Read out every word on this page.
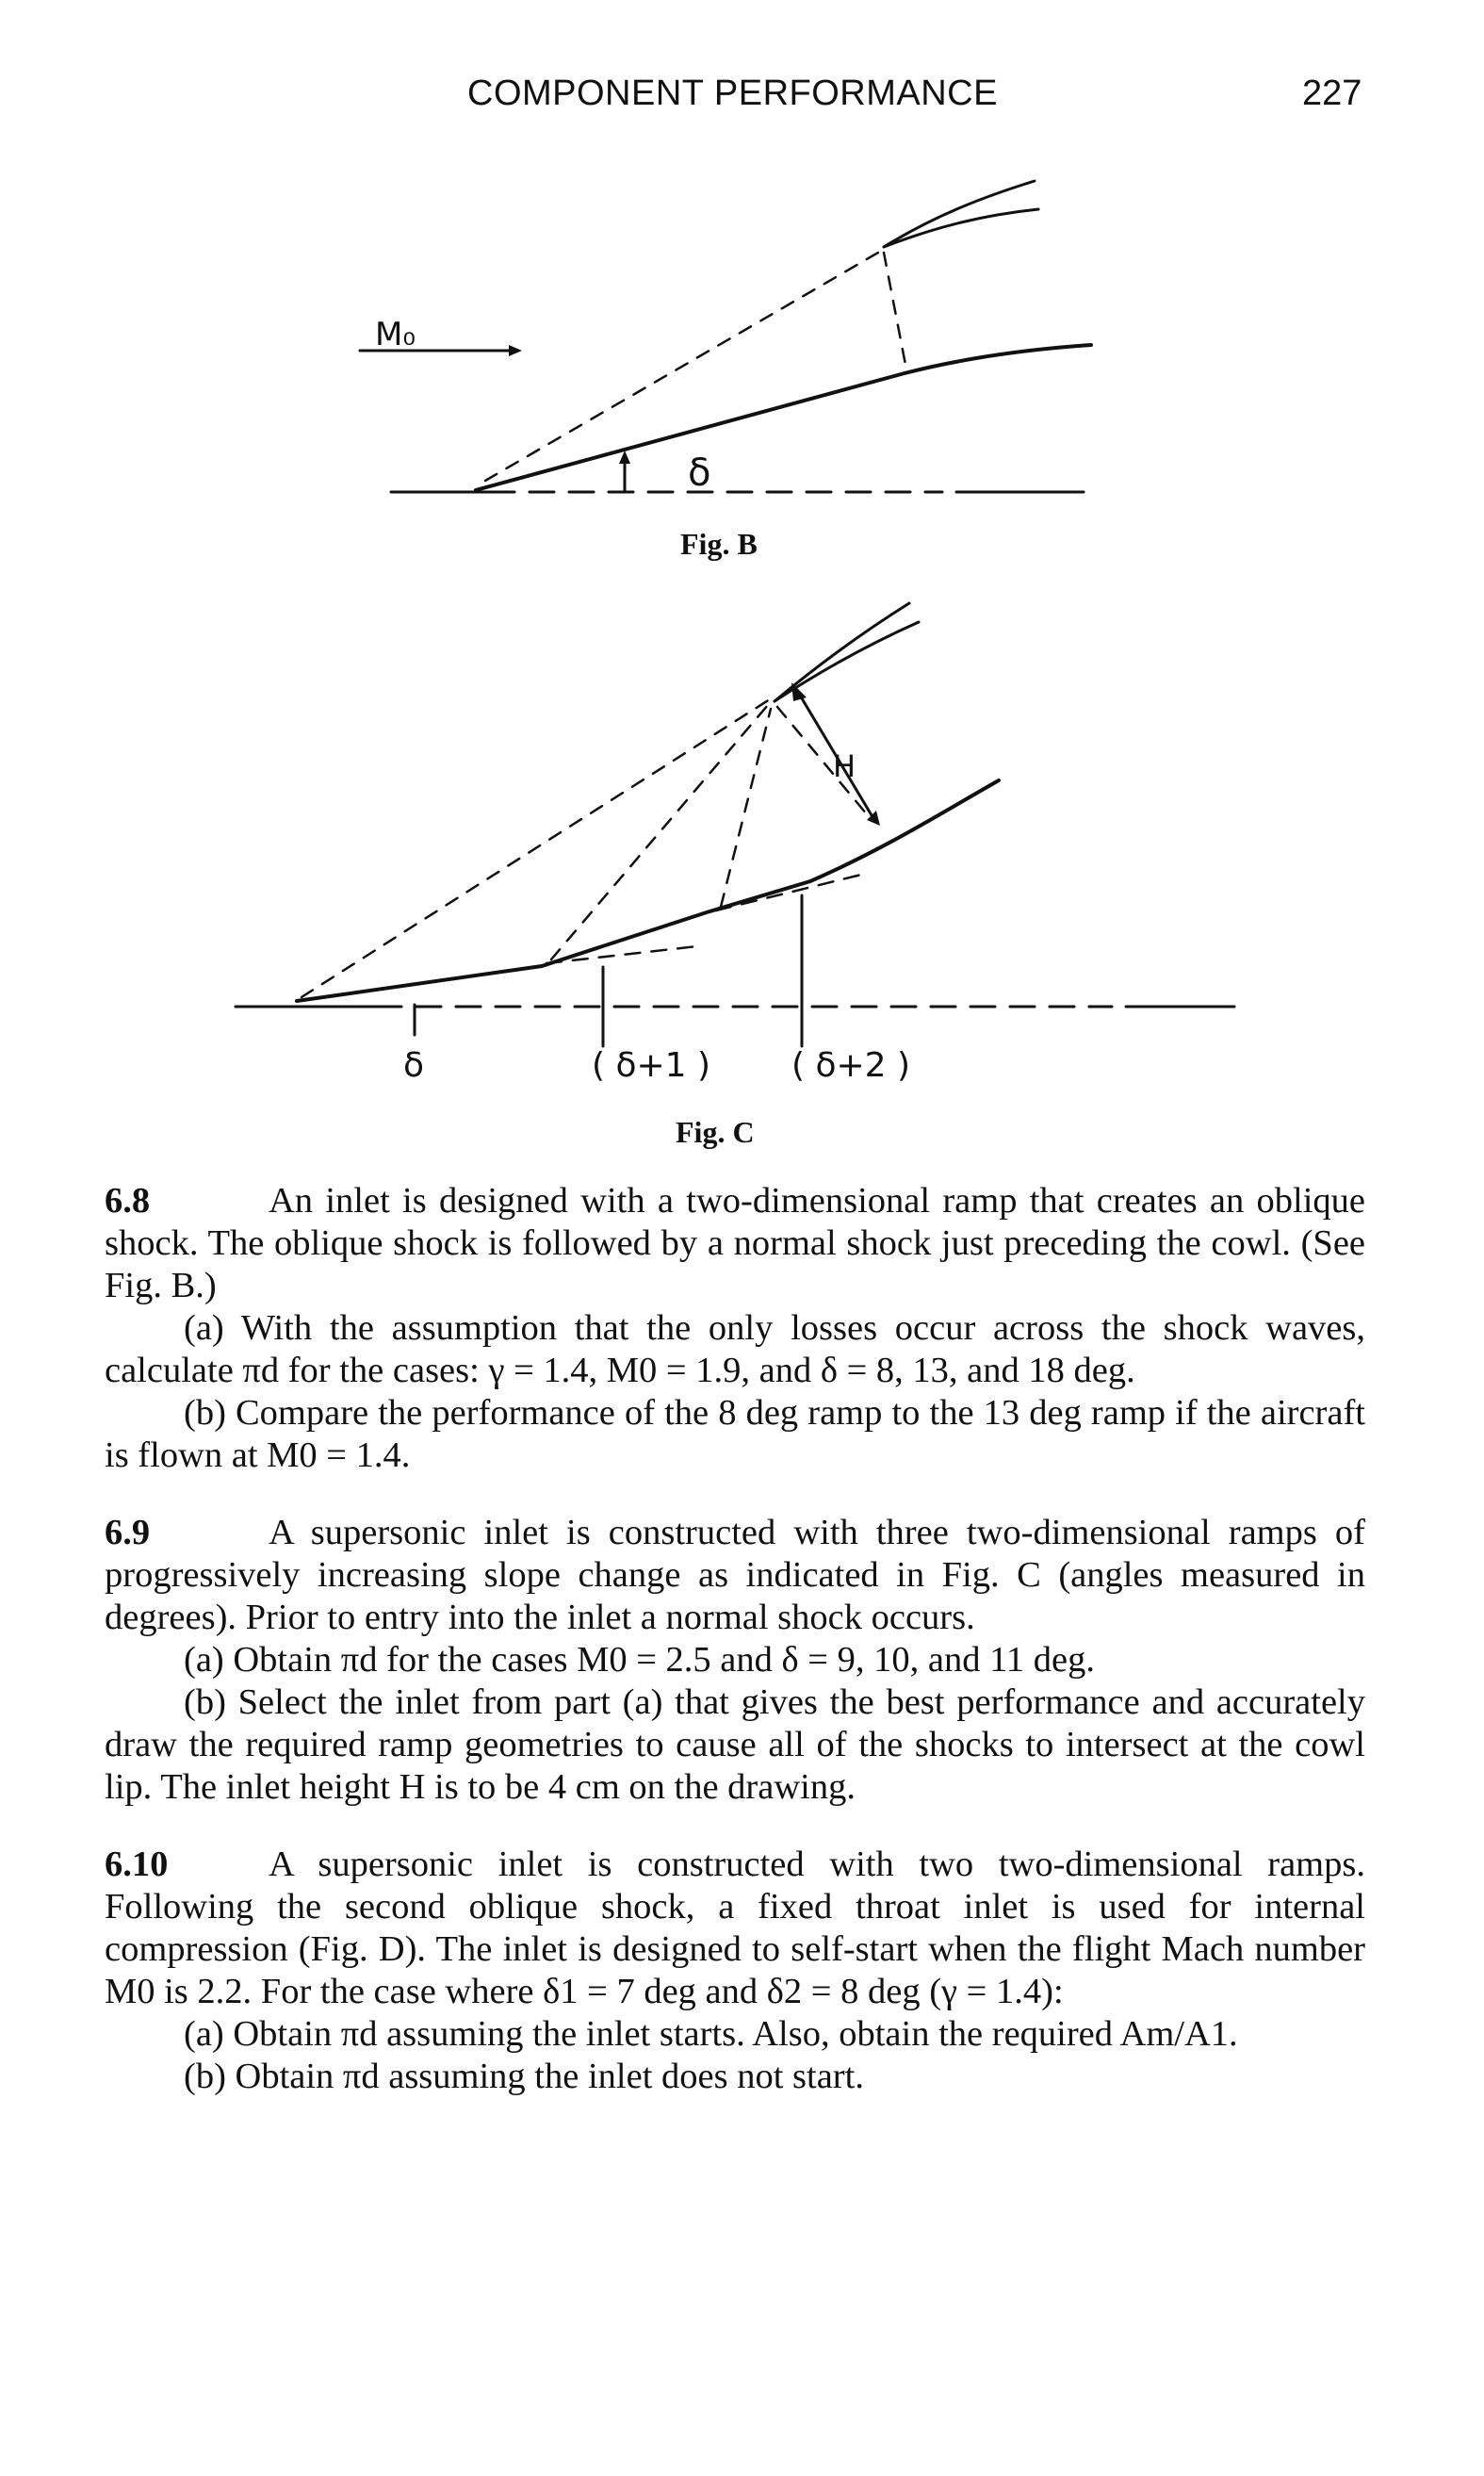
COMPONENT PERFORMANCE	227
M₀
δ
Fig. B
H
δ	( δ+1 ) ( δ+2 )
Fig. C

6.8	An inlet is designed with a two-dimensional ramp that creates an oblique shock. The oblique shock is followed by a normal shock just preceding the cowl. (See Fig. B.)

(a) With the assumption that the only losses occur across the shock waves, calculate πd for the cases: γ = 1.4, M0 = 1.9, and δ = 8, 13, and 18 deg.

(b) Compare the performance of the 8 deg ramp to the 13 deg ramp if the aircraft is flown at M0 = 1.4.

6.9	A supersonic inlet is constructed with three two-dimensional ramps of progressively increasing slope change as indicated in Fig. C (angles measured in degrees). Prior to entry into the inlet a normal shock occurs.

(a) Obtain πd for the cases M0 = 2.5 and δ = 9, 10, and 11 deg.

(b) Select the inlet from part (a) that gives the best performance and accurately draw the required ramp geometries to cause all of the shocks to intersect at the cowl lip. The inlet height H is to be 4 cm on the drawing.

6.10	A supersonic inlet is constructed with two two-dimensional ramps. Following the second oblique shock, a fixed throat inlet is used for internal compression (Fig. D). The inlet is designed to self-start when the flight Mach number M0 is 2.2. For the case where δ1 = 7 deg and δ2 = 8 deg (γ = 1.4):

(a) Obtain πd assuming the inlet starts. Also, obtain the required Am/A1.

(b) Obtain πd assuming the inlet does not start.
